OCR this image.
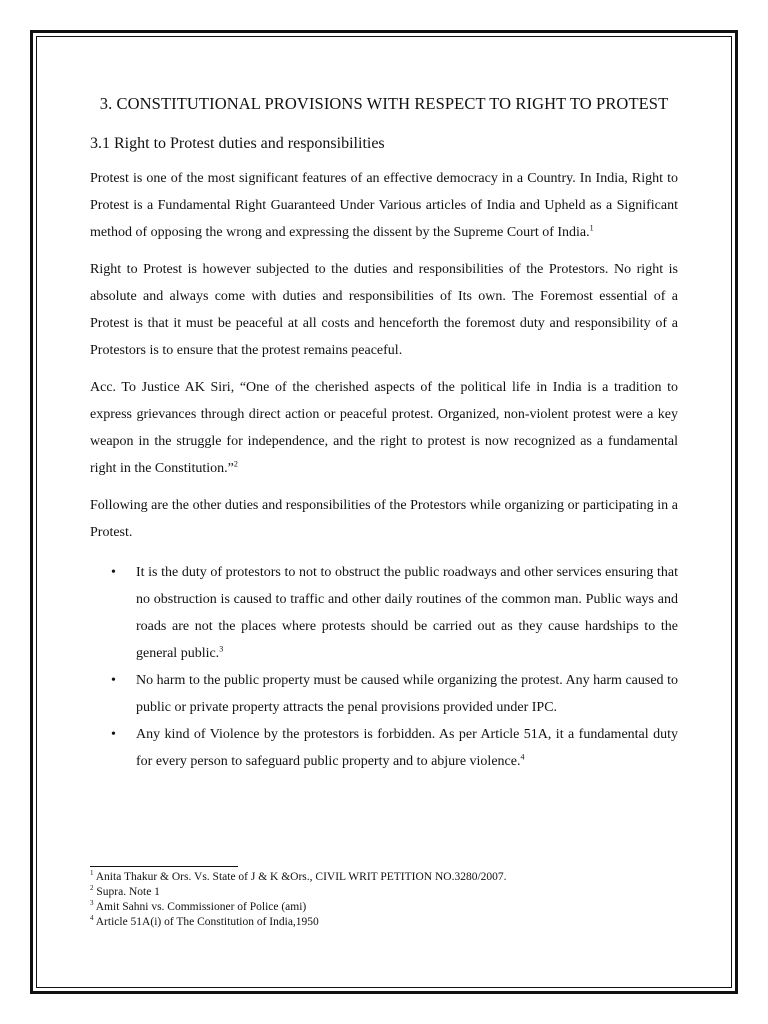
3. CONSTITUTIONAL PROVISIONS WITH RESPECT TO RIGHT TO PROTEST
3.1 Right to Protest duties and responsibilities

Protest is one of the most significant features of an effective democracy in a Country. In India, Right to Protest is a Fundamental Right Guaranteed Under Various articles of India and Upheld as a Significant method of opposing the wrong and expressing the dissent by the Supreme Court of India.$^1$

Right to Protest is however subjected to the duties and responsibilities of the Protestors. No right is absolute and always come with duties and responsibilities of Its own. The Foremost essential of a Protest is that it must be peaceful at all costs and henceforth the foremost duty and responsibility of a Protestors is to ensure that the protest remains peaceful.

Acc. To Justice AK Siri, “One of the cherished aspects of the political life in India is a tradition to express grievances through direct action or peaceful protest. Organized, non-violent protest were a key weapon in the struggle for independence, and the right to protest is now recognized as a fundamental right in the Constitution.”$^2$

Following are the other duties and responsibilities of the Protestors while organizing or participating in a Protest.

• It is the duty of protestors to not to obstruct the public roadways and other services ensuring that no obstruction is caused to traffic and other daily routines of the common man. Public ways and roads are not the places where protests should be carried out as they cause hardships to the general public.$^3$
• No harm to the public property must be caused while organizing the protest. Any harm caused to public or private property attracts the penal provisions provided under IPC.
• Any kind of Violence by the protestors is forbidden. As per Article 51A, it a fundamental duty for every person to safeguard public property and to abjure violence.$^4$
$^1$ Anita Thakur & Ors. Vs. State of J & K &Ors., CIVIL WRIT PETITION NO.3280/2007.
$^2$ Supra. Note 1
$^3$ Amit Sahni vs. Commissioner of Police (ami)
$^4$ Article 51A(i) of The Constitution of India,1950
